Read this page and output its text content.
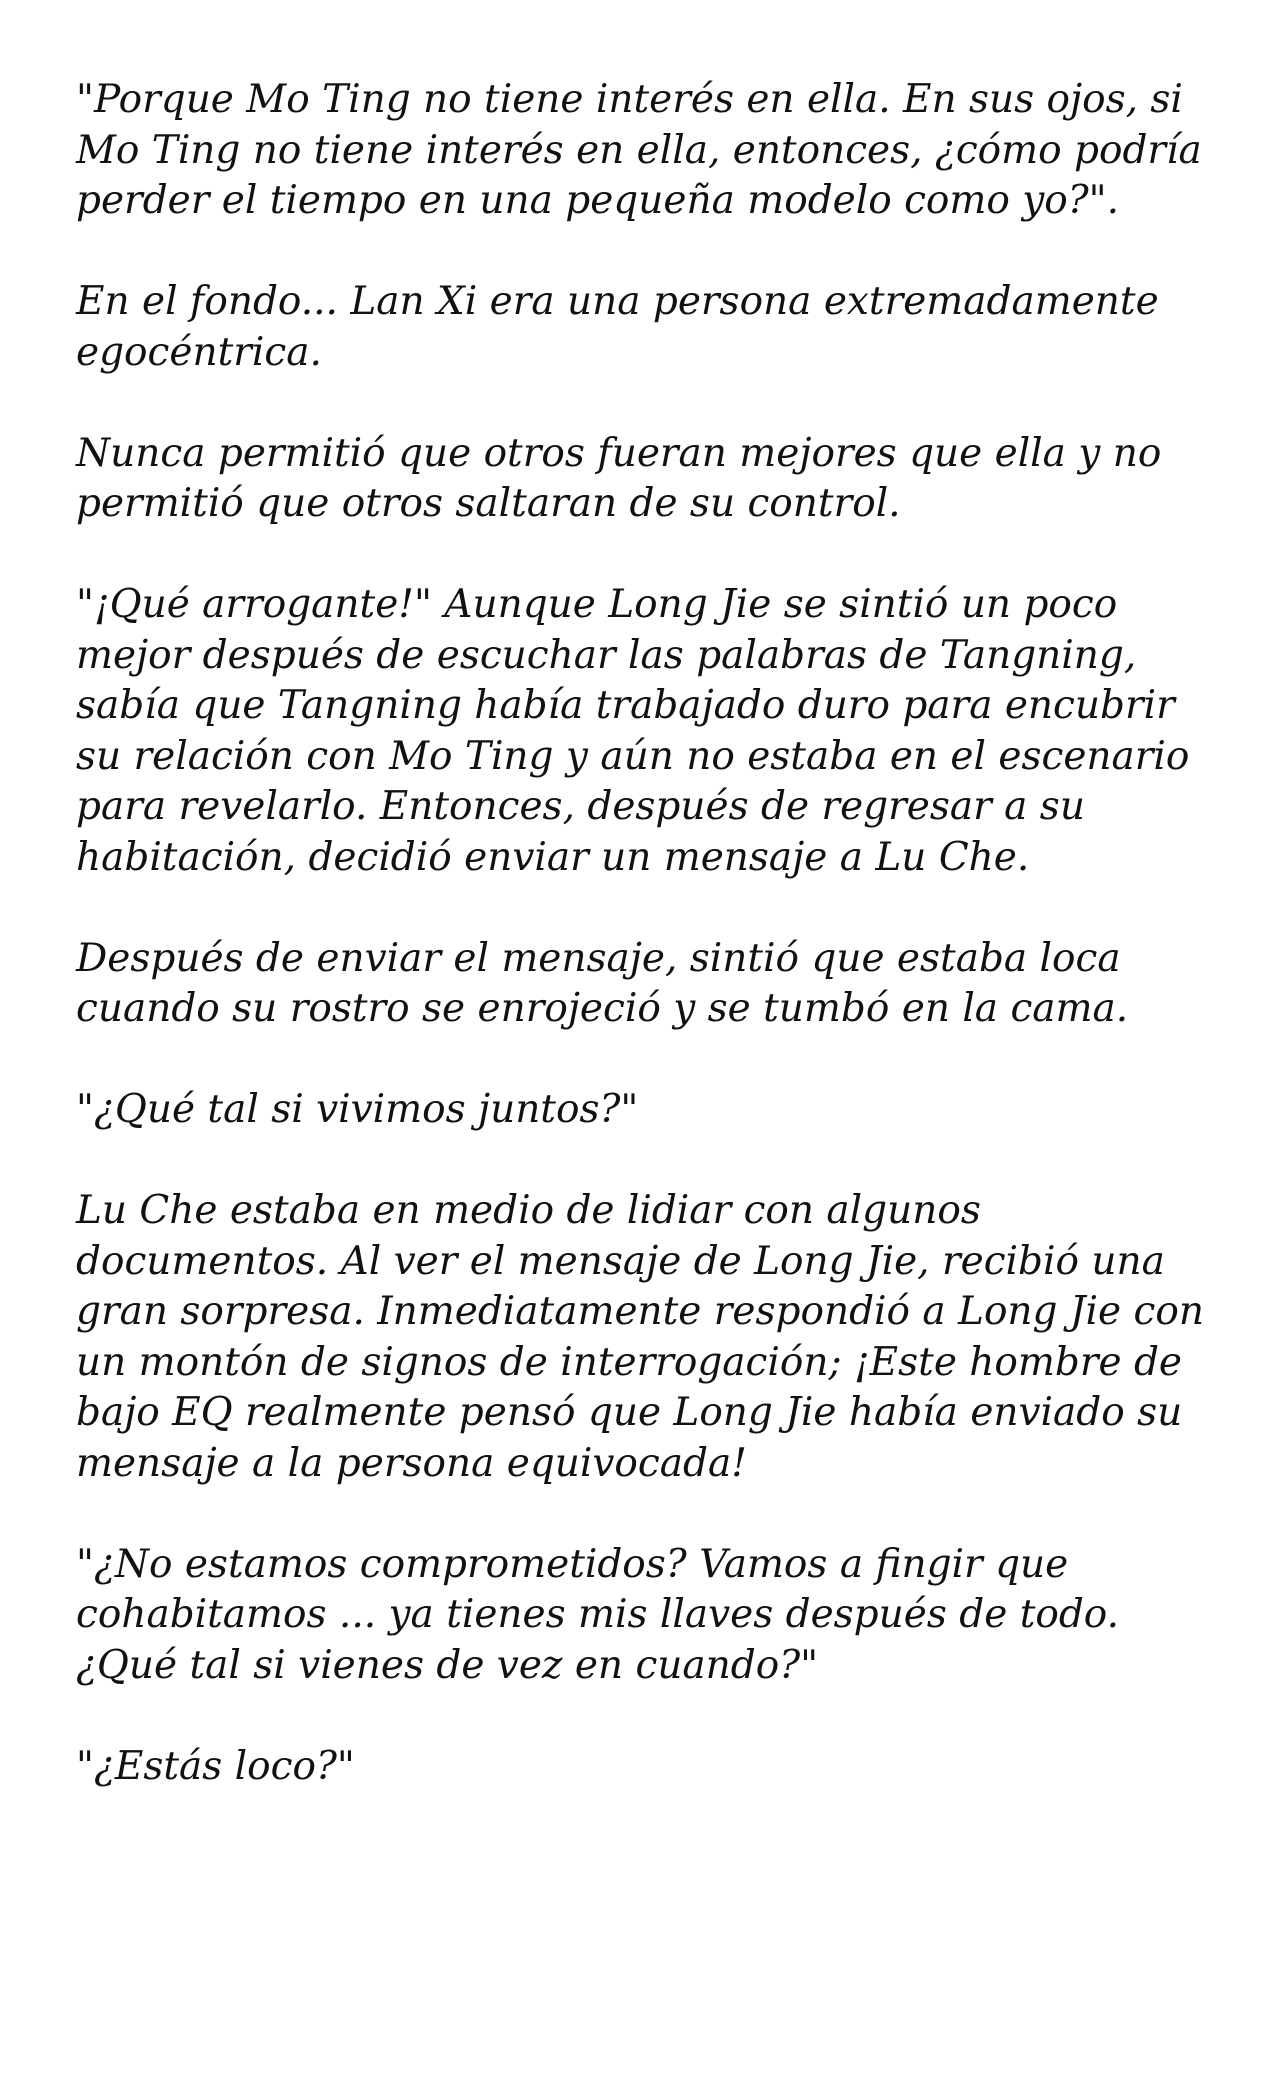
"Porque Mo Ting no tiene interés en ella. En sus ojos, si Mo Ting no tiene interés en ella, entonces, ¿cómo podría perder el tiempo en una pequeña modelo como yo?".

En el fondo... Lan Xi era una persona extremadamente egocéntrica.

Nunca permitió que otros fueran mejores que ella y no permitió que otros saltaran de su control.

"¡Qué arrogante!" Aunque Long Jie se sintió un poco mejor después de escuchar las palabras de Tangning, sabía que Tangning había trabajado duro para encubrir su relación con Mo Ting y aún no estaba en el escenario para revelarlo. Entonces, después de regresar a su habitación, decidió enviar un mensaje a Lu Che.

Después de enviar el mensaje, sintió que estaba loca cuando su rostro se enrojeció y se tumbó en la cama.

"¿Qué tal si vivimos juntos?"

Lu Che estaba en medio de lidiar con algunos documentos. Al ver el mensaje de Long Jie, recibió una gran sorpresa. Inmediatamente respondió a Long Jie con un montón de signos de interrogación; ¡Este hombre de bajo EQ realmente pensó que Long Jie había enviado su mensaje a la persona equivocada!

"¿No estamos comprometidos? Vamos a fingir que cohabitamos ... ya tienes mis llaves después de todo. ¿Qué tal si vienes de vez en cuando?"

"¿Estás loco?"
